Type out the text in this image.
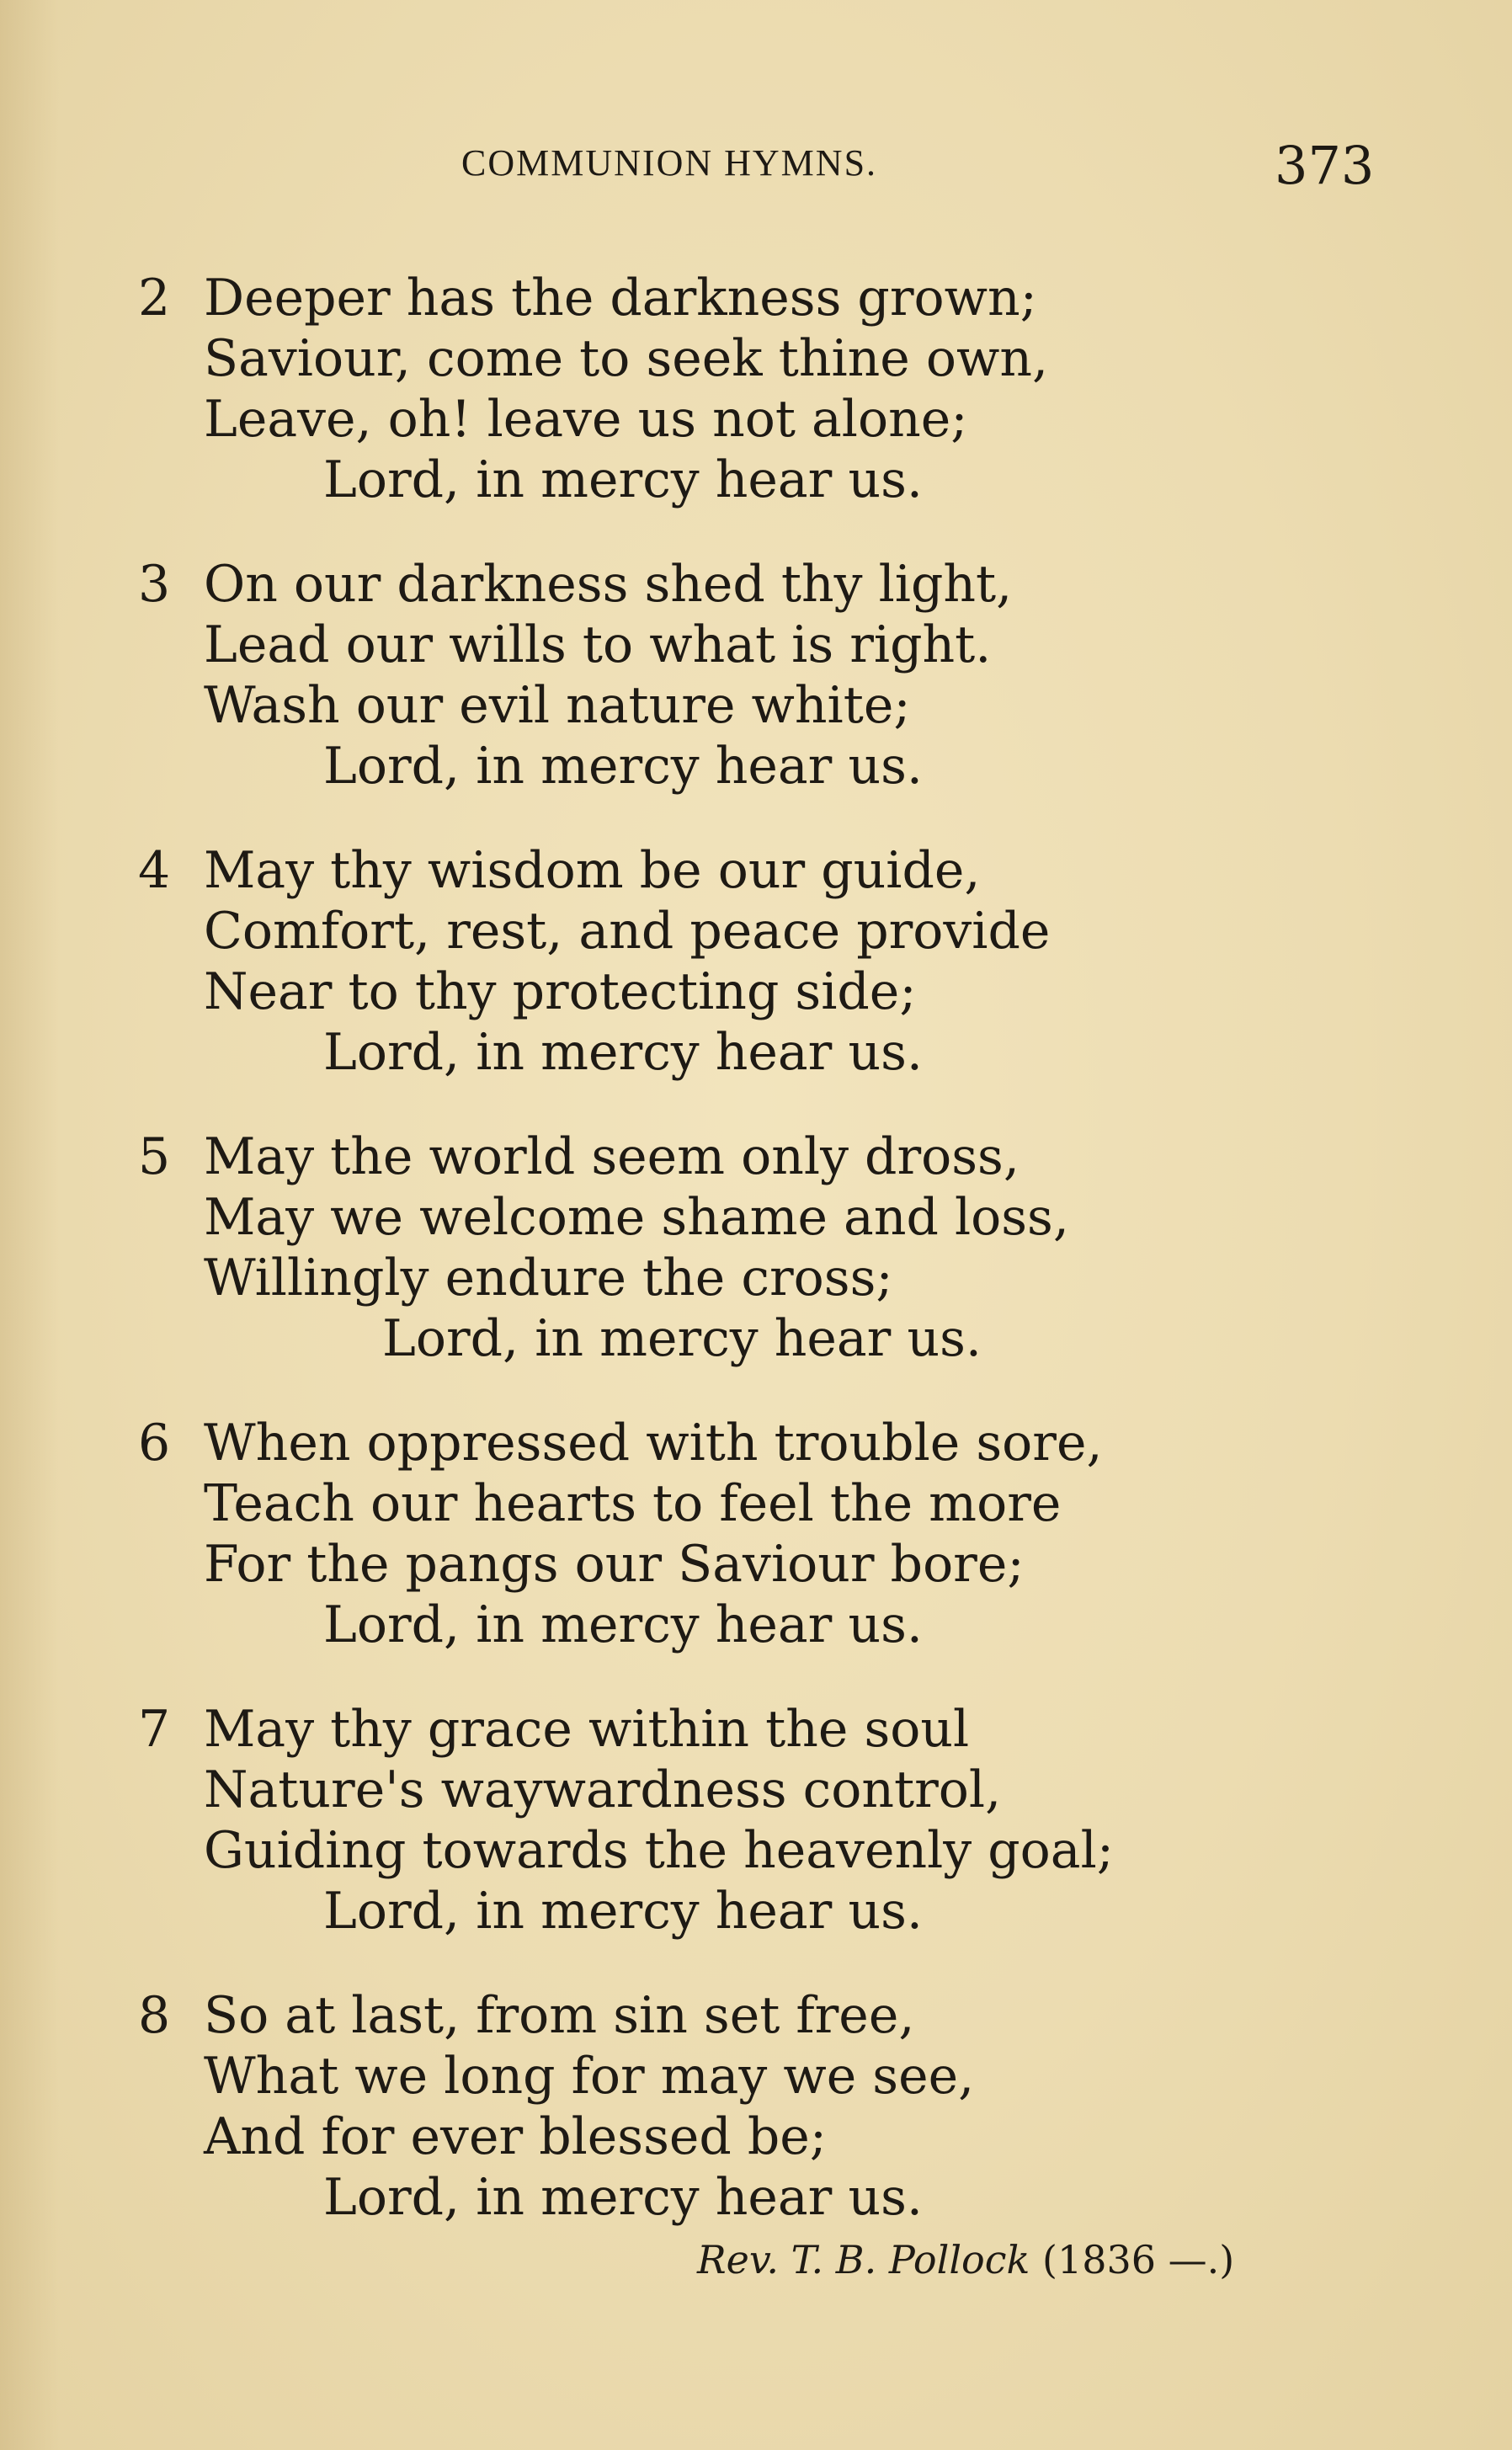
COMMUNION HYMNS.	373
2 Deeper has the darkness grown;
Saviour, come to seek thine own,
Leave, oh! leave us not alone;
Lord, in mercy hear us.
3 On our darkness shed thy light,
Lead our wills to what is right.
Wash our evil nature white;
Lord, in mercy hear us.
4 May thy wisdom be our guide,
Comfort, rest, and peace provide
Near to thy protecting side;
Lord, in mercy hear us.
5 May the world seem only dross,
May we welcome shame and loss,
Willingly endure the cross;
Lord, in mercy hear us.
6 When oppressed with trouble sore,
Teach our hearts to feel the more
For the pangs our Saviour bore;
Lord, in mercy hear us.
7 May thy grace within the soul
Nature's waywardness control,
Guiding towards the heavenly goal;
Lord, in mercy hear us.
8 So at last, from sin set free,
What we long for may we see,
And for ever blessed be;
Lord, in mercy hear us.
Rev. T. B. Pollock (1836 —.)
